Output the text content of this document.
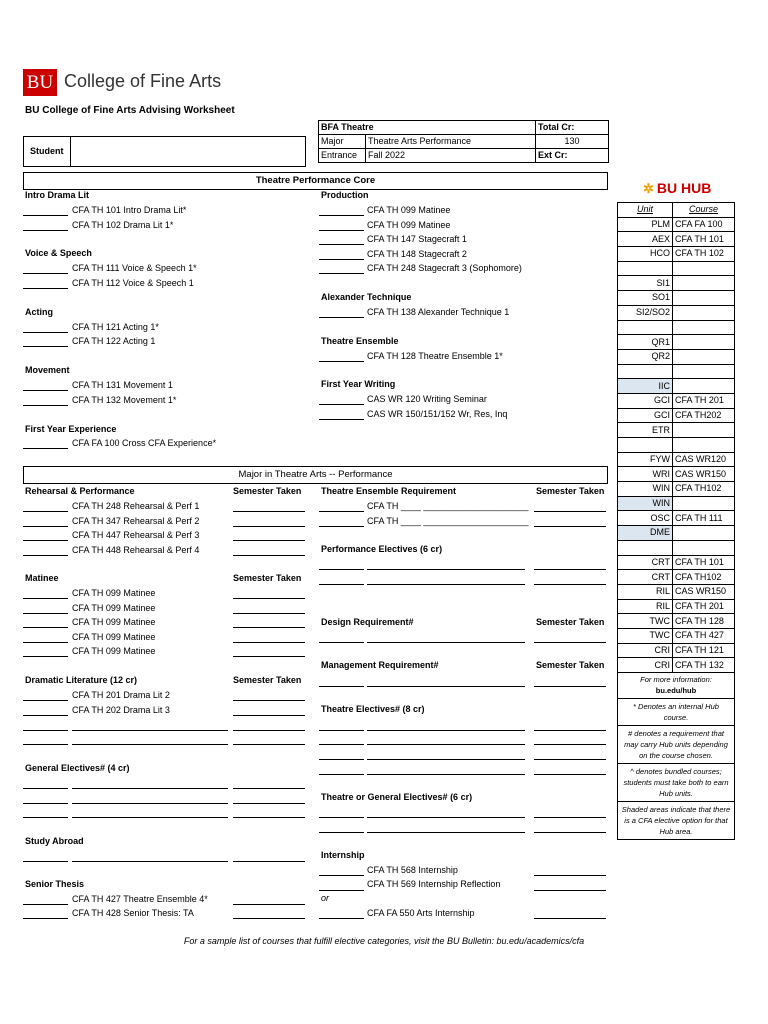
BU College of Fine Arts
BU College of Fine Arts Advising Worksheet
Student
BFA Theatre		Total Cr:
Major	Theatre Arts Performance	130
Entrance	Fall 2022	Ext Cr:
Theatre Performance Core
Intro Drama Lit
CFA TH 101 Intro Drama Lit*
CFA TH 102 Drama Lit 1*
Voice & Speech
CFA TH 111 Voice & Speech 1*
CFA TH 112 Voice & Speech 1
Acting
CFA TH 121 Acting 1*
CFA TH 122 Acting 1
Movement
CFA TH 131 Movement 1
CFA TH 132 Movement 1*
First Year Experience
CFA FA 100 Cross CFA Experience*
Production
CFA TH 099 Matinee
CFA TH 099 Matinee
CFA TH 147 Stagecraft 1
CFA TH 148 Stagecraft 2
CFA TH 248 Stagecraft 3 (Sophomore)
Alexander Technique
CFA TH 138 Alexander Technique 1
Theatre Ensemble
CFA TH 128 Theatre Ensemble 1*
First Year Writing
CAS WR 120 Writing Seminar
CAS WR 150/151/152 Wr, Res, Inq
Major in Theatre Arts -- Performance
Rehearsal & Performance	Semester Taken
CFA TH 248 Rehearsal & Perf 1
CFA TH 347 Rehearsal & Perf 2
CFA TH 447 Rehearsal & Perf 3
CFA TH 448 Rehearsal & Perf 4
Matinee	Semester Taken
CFA TH 099 Matinee
CFA TH 099 Matinee
CFA TH 099 Matinee
CFA TH 099 Matinee
CFA TH 099 Matinee
Dramatic Literature (12 cr)	Semester Taken
CFA TH 201 Drama Lit 2
CFA TH 202 Drama Lit 3
General Electives# (4 cr)
Study Abroad
Senior Thesis
CFA TH 427 Theatre Ensemble 4*
CFA TH 428 Senior Thesis: TA
Theatre Ensemble Requirement	Semester Taken
CFA TH ____ _____________________
CFA TH ____ _____________________
Performance Electives (6 cr)
Design Requirement#	Semester Taken
Management Requirement#	Semester Taken
Theatre Electives# (8 cr)
Theatre or General Electives# (6 cr)
Internship
CFA TH 568 Internship
CFA TH 569 Internship Reflection
or
CFA FA 550 Arts Internship
✲ BU HUB
Unit	Course
PLM	CFA FA 100
AEX	CFA TH 101
HCO	CFA TH 102

SI1	
SO1	
SI2/SO2	

QR1	
QR2	

IIC	
GCI	CFA TH 201
GCI	CFA TH202
ETR	

FYW	CAS WR120
WRI	CAS WR150
WIN	CFA TH102
WIN	
OSC	CFA TH 111
DME	

CRT	CFA TH 101
CRT	CFA TH102
RIL	CAS WR150
RIL	CFA TH 201
TWC	CFA TH 128
TWC	CFA TH 427
CRI	CFA TH 121
CRI	CFA TH 132
For more information:
bu.edu/hub
* Denotes an internal Hub course.
# denotes a requirement that may carry Hub units depending on the course chosen.
^ denotes bundled courses; students must take both to earn Hub units.
Shaded areas indicate that there is a CFA elective option for that Hub area.
For a sample list of courses that fulfill elective categories, visit the BU Bulletin: bu.edu/academics/cfa
